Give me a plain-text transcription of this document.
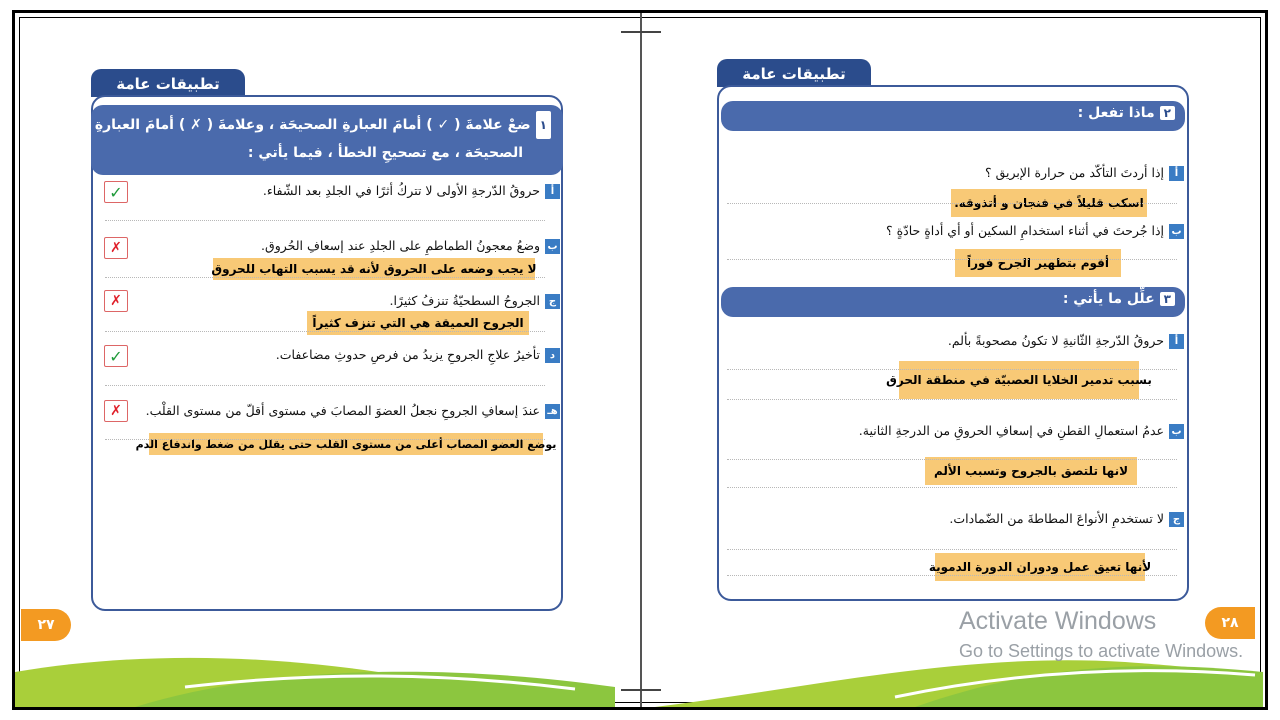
تطبيقات عامة
١ضعْ علامةَ ( ✓ ) أمامَ العبارةِ الصحيحَة ، وعلامةَ ( ✗ ) أمامَ العبارةِ غير
الصحيحَة ، مع تصحيحِ الخطأ ، فيما يأتي :
أحروقُ الدّرجةِ الأولى لا تتركُ أثرًا في الجلدِ بعد الشّفاء.
✓
بوضعُ معجونُ الطماطمِ على الجلدِ عند إسعافِ الحُروق.
✗
لا يجب وضعه على الحروق لأنه قد يسبب التهاب للحروق
جالجروحُ السطحيّةُ تنزفُ كثيرًا.
✗
الجروح العميقة هي التي تنزف كثيراً
دتأخيرُ علاجِ الجروحِ يزيدُ من فرصِ حدوثِ مضاعفات.
✓
هـعندَ إسعافِ الجروحِ نجعلُ العضوَ المصابَ في مستوى أقلّ من مستوى القلْب.
✗
يوضع العضو المصاب أعلى من مستوى القلب حتى يقلل من ضغط واندفاع الدم
٢٧
تطبيقات عامة
٢ماذا تفعل :
أإذا أردتَ التأكّد من حرارة الإبريق ؟
اسكب قليلاً في فنجان و أتذوقه.
بإذا جُرحتَ في أثناء استخدامِ السكين أو أي أداةٍ حادّةٍ ؟
أقوم بتطهير الجرح فوراً
٣علِّل ما يأتي :
أحروقُ الدّرجةِ الثّانيةِ لا تكونُ مصحوبةً بألم.
بسبب تدمير الخلايا العصبيّة في منطقة الحرق
بعدمُ استعمالِ القطنِ في إسعافِ الحروقِ من الدرجةِ الثانية.
لانها تلتصق بالجروح وتسبب الألم
جلا تستخدمِ الأنواعَ المطاطةَ من الضّمادات.
لأنها تعيق عمل ودوران الدورة الدموية
٢٨
Activate Windows
Go to Settings to activate Windows.
